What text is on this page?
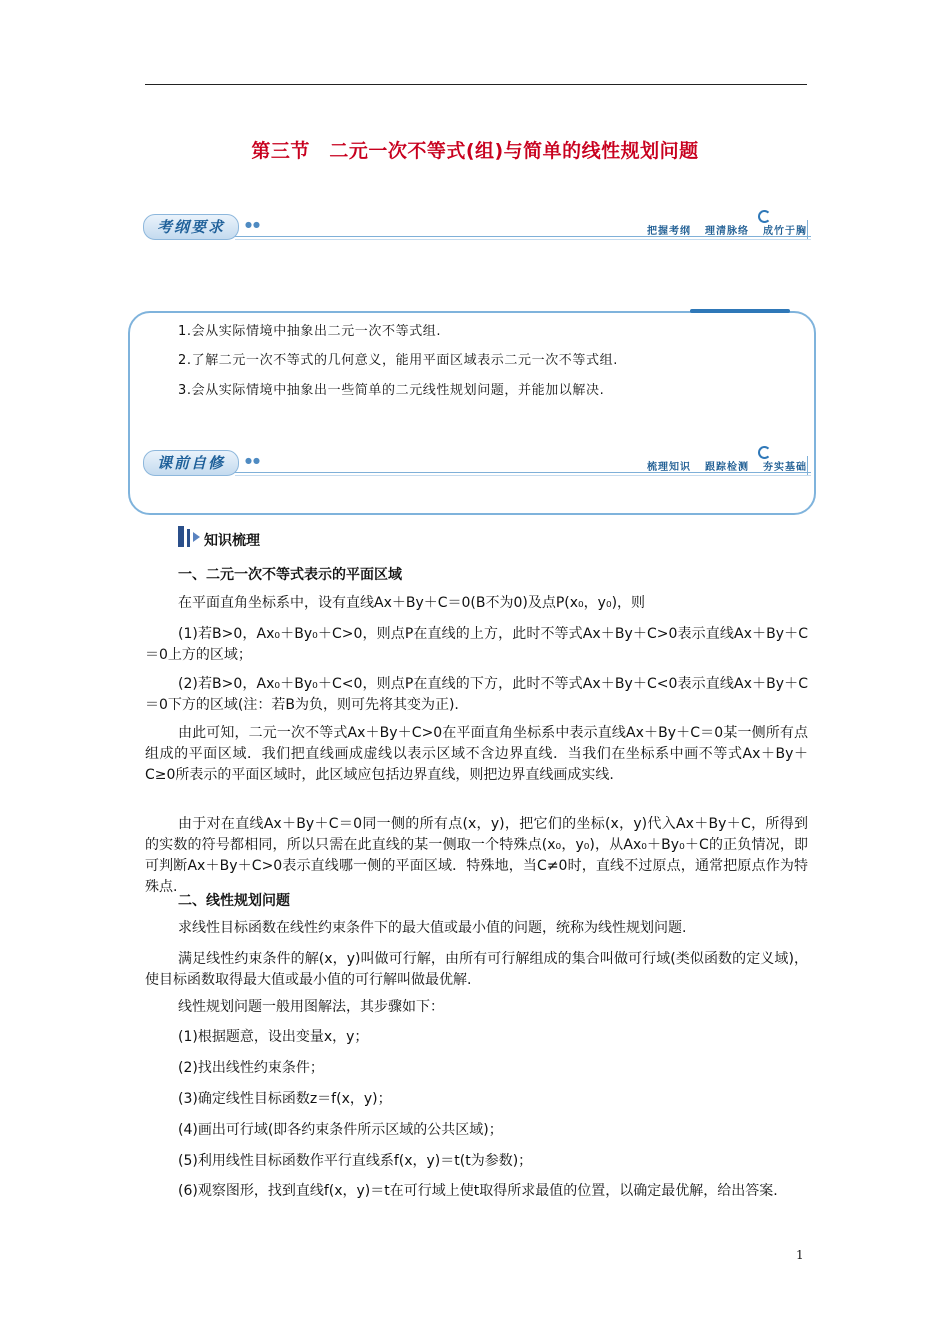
第三节　二元一次不等式(组)与简单的线性规划问题
考纲要求	●●
把握考纲 理清脉络 成竹于胸
1.会从实际情境中抽象出二元一次不等式组.
2.了解二元一次不等式的几何意义，能用平面区域表示二元一次不等式组.
3.会从实际情境中抽象出一些简单的二元线性规划问题，并能加以解决.
课前自修	●●
梳理知识 跟踪检测 夯实基础
知识梳理
一、二元一次不等式表示的平面区域
在平面直角坐标系中，设有直线Ax＋By＋C＝0(B不为0)及点P(x₀，y₀)，则
(1)若B>0，Ax₀＋By₀＋C>0，则点P在直线的上方，此时不等式Ax＋By＋C>0表示直线Ax＋By＋C＝0上方的区域；
(2)若B>0，Ax₀＋By₀＋C<0，则点P在直线的下方，此时不等式Ax＋By＋C<0表示直线Ax＋By＋C＝0下方的区域(注：若B为负，则可先将其变为正).
由此可知，二元一次不等式Ax＋By＋C>0在平面直角坐标系中表示直线Ax＋By＋C＝0某一侧所有点组成的平面区域．我们把直线画成虚线以表示区域不含边界直线．当我们在坐标系中画不等式Ax＋By＋C≥0所表示的平面区域时，此区域应包括边界直线，则把边界直线画成实线.
由于对在直线Ax＋By＋C＝0同一侧的所有点(x，y)，把它们的坐标(x，y)代入Ax＋By＋C，所得到的实数的符号都相同，所以只需在此直线的某一侧取一个特殊点(x₀，y₀)，从Ax₀＋By₀＋C的正负情况，即可判断Ax＋By＋C>0表示直线哪一侧的平面区域．特殊地，当C≠0时，直线不过原点，通常把原点作为特殊点.
二、线性规划问题
求线性目标函数在线性约束条件下的最大值或最小值的问题，统称为线性规划问题.
满足线性约束条件的解(x，y)叫做可行解，由所有可行解组成的集合叫做可行域(类似函数的定义域)，使目标函数取得最大值或最小值的可行解叫做最优解.
线性规划问题一般用图解法，其步骤如下：
(1)根据题意，设出变量x，y；
(2)找出线性约束条件；
(3)确定线性目标函数z＝f(x，y)；
(4)画出可行域(即各约束条件所示区域的公共区域)；
(5)利用线性目标函数作平行直线系f(x，y)＝t(t为参数)；
(6)观察图形，找到直线f(x，y)＝t在可行域上使t取得所求最值的位置，以确定最优解，给出答案.
1
